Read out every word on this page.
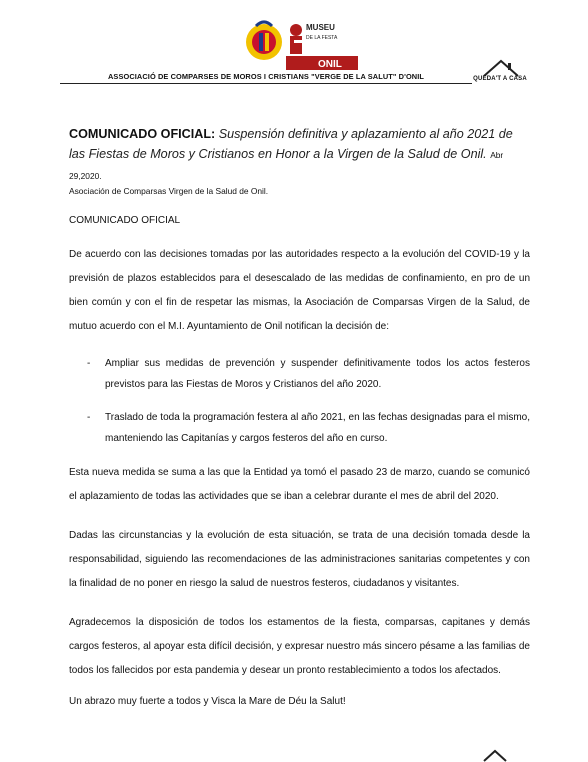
MUSEU
DE LA FESTA
ONIL
ASSOCIACIÓ DE COMPARSES DE MOROS I CRISTIANS "VERGE DE LA SALUT" D'ONIL	QUEDA'T A CASA

COMUNICADO OFICIAL: Suspensión definitiva y aplazamiento al año 2021 de las Fiestas de Moros y Cristianos en Honor a la Virgen de la Salud de Onil. Abr 29,2020.

Asociación de Comparsas Virgen de la Salud de Onil.

COMUNICADO OFICIAL

De acuerdo con las decisiones tomadas por las autoridades respecto a la evolución del COVID-19 y la previsión de plazos establecidos para el desescalado de las medidas de confinamiento, en pro de un bien común y con el fin de respetar las mismas, la Asociación de Comparsas Virgen de la Salud, de mutuo acuerdo con el M.I. Ayuntamiento de Onil notifican la decisión de:

- Ampliar sus medidas de prevención y suspender definitivamente todos los actos festeros previstos para las Fiestas de Moros y Cristianos del año 2020.
- Traslado de toda la programación festera al año 2021, en las fechas designadas para el mismo, manteniendo las Capitanías y cargos festeros del año en curso.

Esta nueva medida se suma a las que la Entidad ya tomó el pasado 23 de marzo, cuando se comunicó el aplazamiento de todas las actividades que se iban a celebrar durante el mes de abril del 2020.

Dadas las circunstancias y la evolución de esta situación, se trata de una decisión tomada desde la responsabilidad, siguiendo las recomendaciones de las administraciones sanitarias competentes y con la finalidad de no poner en riesgo la salud de nuestros festeros, ciudadanos y visitantes.

Agradecemos la disposición de todos los estamentos de la fiesta, comparsas, capitanes y demás cargos festeros, al apoyar esta difícil decisión, y expresar nuestro más sincero pésame a las familias de todos los fallecidos por esta pandemia y desear un pronto restablecimiento a todos los afectados.

Un abrazo muy fuerte a todos y Visca la Mare de Déu la Salut!
